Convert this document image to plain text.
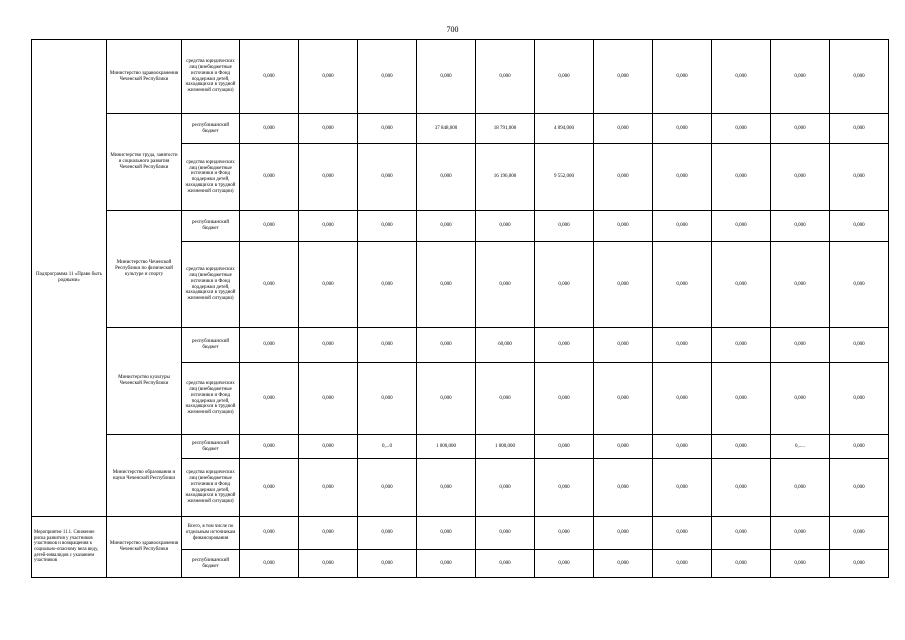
700
Подпрограмма 11 «Право быть родными»	Министерство здравоохранения Чеченской Республики	средства юридических лиц (внебюджетные источники и Фонд поддержки детей, находящихся в трудной жизненной ситуации)	0,000	0,000	0,000	0,000	0,000	0,000	0,000	0,000	0,000	0,000	0,000
	Министерство труда, занятости и социального развития Чеченской Республики	республиканский бюджет	0,000	0,000	0,000	37 848,000	18 791,000	4 094,000	0,000	0,000	0,000	0,000	0,000
		средства юридических лиц (внебюджетные источники и Фонд поддержки детей, находящихся в трудной жизненной ситуации)	0,000	0,000	0,000	0,000	16 196,000	9 552,000	0,000	0,000	0,000	0,000	0,000
	Министерство Чеченской Республики по физической культуре и спорту	республиканский бюджет	0,000	0,000	0,000	0,000	0,000	0,000	0,000	0,000	0,000	0,000	0,000
		средства юридических лиц (внебюджетные источники и Фонд поддержки детей, находящихся в трудной жизненной ситуации)	0,000	0,000	0,000	0,000	0,000	0,000	0,000	0,000	0,000	0,000	0,000
	Министерство культуры Чеченской Республики	республиканский бюджет	0,000	0,000	0,000	0,000	60,000	0,000	0,000	0,000	0,000	0,000	0,000
		средства юридических лиц (внебюджетные источники и Фонд поддержки детей, находящихся в трудной жизненной ситуации)	0,000	0,000	0,000	0,000	0,000	0,000	0,000	0,000	0,000	0,000	0,000
	Министерство образования и науки Чеченской Республики	республиканский бюджет	0,000	0,000	0,...0	1 000,000	1 000,000	0,000	0,000	0,000	0,000	0,.....	0,000
		средства юридических лиц (внебюджетные источники и Фонд поддержки детей, находящихся в трудной жизненной ситуации)	0,000	0,000	0,000	0,000	0,000	0,000	0,000	0,000	0,000	0,000	0,000
Мероприятие 11.1. Снижение риска развития у участников участников и возвращения к социально-опасному вела виду, детей-инвалидов с указанием участников	Министерство здравоохранения Чеченской Республики	Всего, в том числе по отдельным источникам финансирования	0,000	0,000	0,000	0,000	0,000	0,000	0,000	0,000	0,000	0,000	0,000
		республиканский бюджет	0,000	0,000	0,000	0,000	0,000	0,000	0,000	0,000	0,000	0,000	0,000
